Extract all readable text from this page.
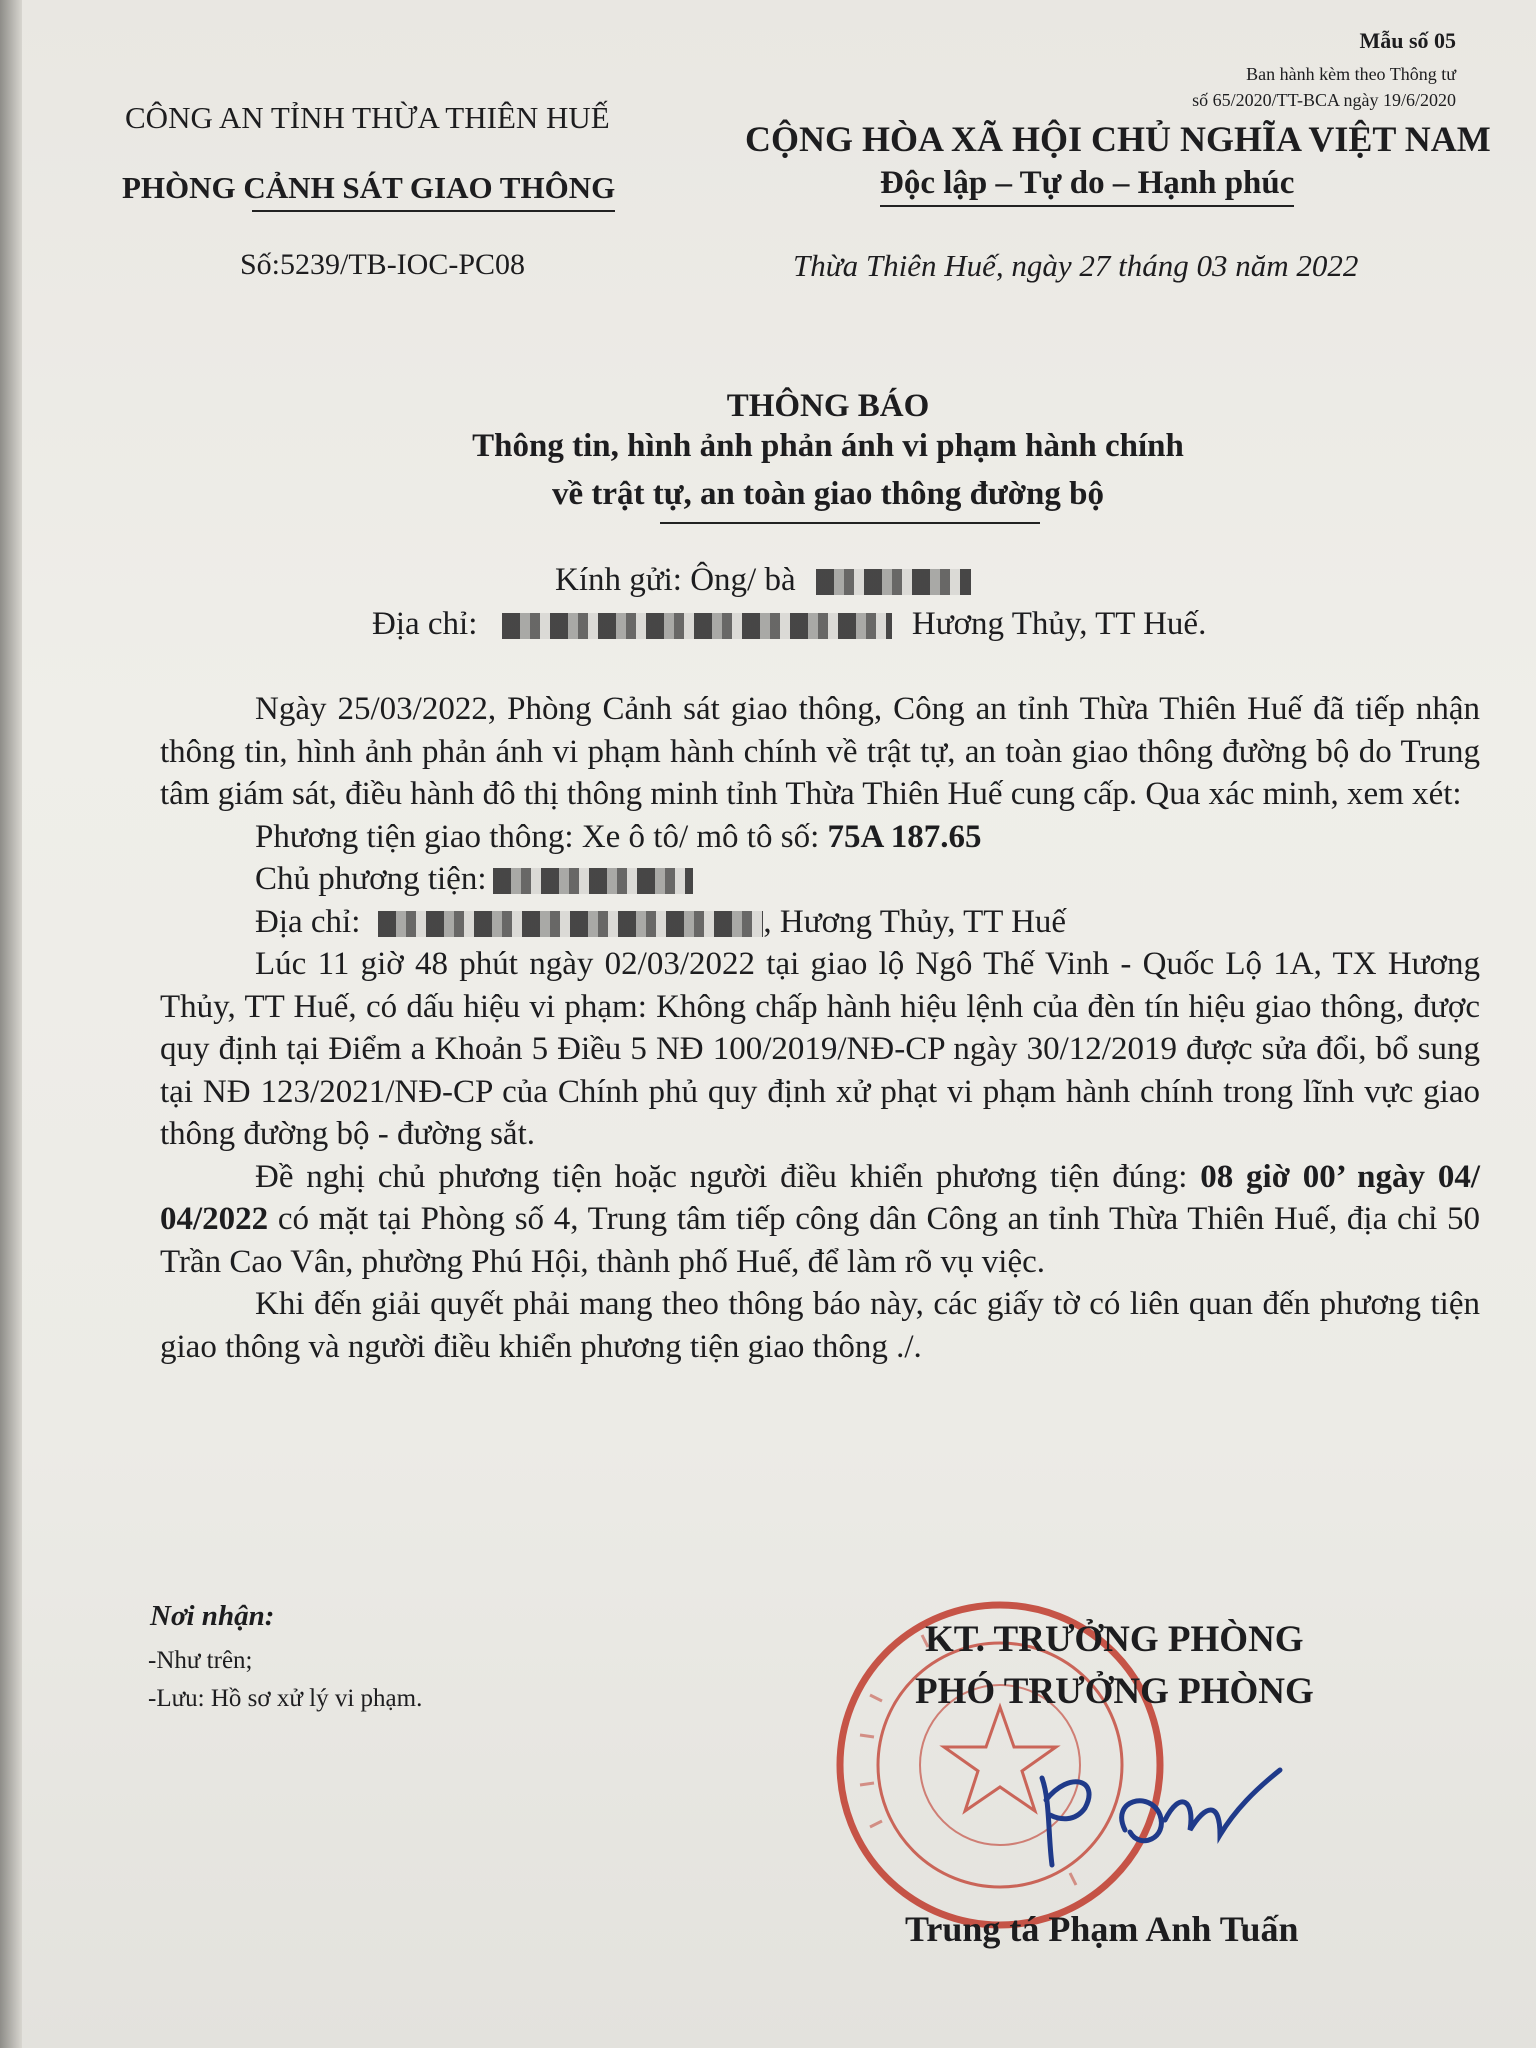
Mẫu số 05
Ban hành kèm theo Thông tư
số 65/2020/TT-BCA ngày 19/6/2020
CÔNG AN TỈNH THỪA THIÊN HUẾ
PHÒNG CẢNH SÁT GIAO THÔNG
CỘNG HÒA XÃ HỘI CHỦ NGHĨA VIỆT NAM
Độc lập – Tự do – Hạnh phúc
Số:5239/TB-IOC-PC08	Thừa Thiên Huế, ngày 27 tháng 03 năm 2022
THÔNG BÁO
Thông tin, hình ảnh phản ánh vi phạm hành chính
về trật tự, an toàn giao thông đường bộ
Kính gửi: Ông/ bà
Địa chỉ:	Hương Thủy, TT Huế.

Ngày 25/03/2022, Phòng Cảnh sát giao thông, Công an tỉnh Thừa Thiên Huế đã tiếp nhận thông tin, hình ảnh phản ánh vi phạm hành chính về trật tự, an toàn giao thông đường bộ do Trung tâm giám sát, điều hành đô thị thông minh tỉnh Thừa Thiên Huế cung cấp. Qua xác minh, xem xét:

Phương tiện giao thông: Xe ô tô/ mô tô số: 75A 187.65

Chủ phương tiện:

Địa chỉ:	, Hương Thủy, TT Huế

Lúc 11 giờ 48 phút ngày 02/03/2022 tại giao lộ Ngô Thế Vinh - Quốc Lộ 1A, TX Hương Thủy, TT Huế, có dấu hiệu vi phạm: Không chấp hành hiệu lệnh của đèn tín hiệu giao thông, được quy định tại Điểm a Khoản 5 Điều 5 NĐ 100/2019/NĐ-CP ngày 30/12/2019 được sửa đổi, bổ sung tại NĐ 123/2021/NĐ-CP của Chính phủ quy định xử phạt vi phạm hành chính trong lĩnh vực giao thông đường bộ - đường sắt.

Đề nghị chủ phương tiện hoặc người điều khiển phương tiện đúng: 08 giờ 00’ ngày 04/ 04/2022 có mặt tại Phòng số 4, Trung tâm tiếp công dân Công an tỉnh Thừa Thiên Huế, địa chỉ 50 Trần Cao Vân, phường Phú Hội, thành phố Huế, để làm rõ vụ việc.

Khi đến giải quyết phải mang theo thông báo này, các giấy tờ có liên quan đến phương tiện giao thông và người điều khiển phương tiện giao thông ./.

Nơi nhận:
-Như trên;
-Lưu: Hồ sơ xử lý vi phạm.
KT. TRƯỞNG PHÒNG
PHÓ TRƯỞNG PHÒNG
Trung tá Phạm Anh Tuấn
